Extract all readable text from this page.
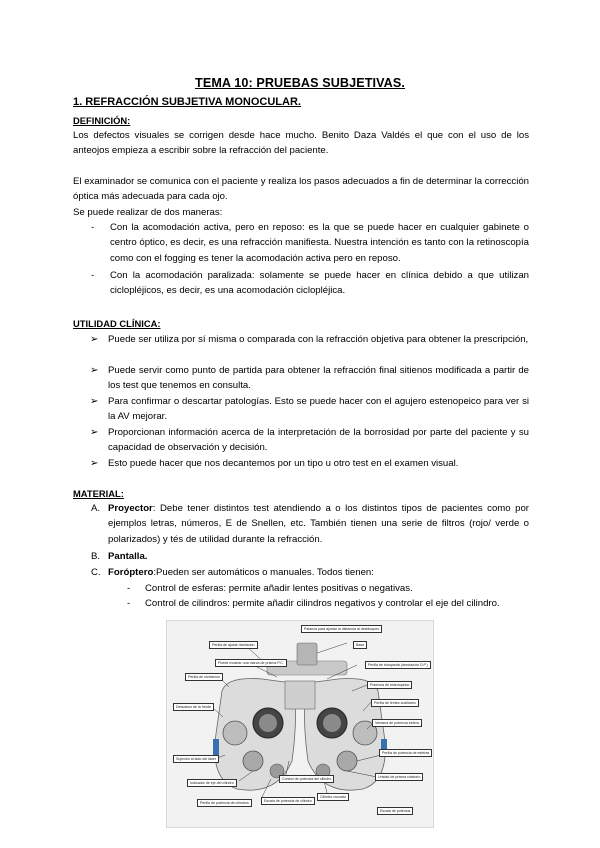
TEMA 10: PRUEBAS SUBJETIVAS.
1. REFRACCIÓN SUBJETIVA MONOCULAR.
DEFINICIÓN:
Los defectos visuales se corrigen desde hace mucho. Benito Daza Valdés el que con el uso de los anteojos empieza a escribir sobre la refracción del paciente.
El examinador se comunica con el paciente y realiza los pasos adecuados a fin de determinar la corrección óptica más adecuada para cada ojo.
Se puede realizar de dos maneras:
- Con la acomodación activa, pero en reposo: es la que se puede hacer en cualquier gabinete o centro óptico, es decir, es una refracción manifiesta. Nuestra intención es tanto con la retinoscopía como con el fogging es tener la acomodación activa pero en reposo.
- Con la acomodación paralizada: solamente se puede hacer en clínica debido a que utilizan ciclopléjicos, es decir, es una acomodación ciclopléjica.
UTILIDAD CLÍNICA:
➢ Puede ser utiliza por sí misma o comparada con la refracción objetiva para obtener la prescripción,
➢ Puede servir como punto de partida para obtener la refracción final sitienos modificada a partir de los test que tenemos en consulta.
➢ Para confirmar o descartar patologías. Esto se puede hacer con el agujero estenopeico para ver si la AV mejorar.
➢ Proporcionan información acerca de la interpretación de la borrosidad por parte del paciente y su capacidad de observación y decisión.
➢ Esto puede hacer que nos decantemos por un tipo u otro test en el examen visual.
MATERIAL:
A. Proyector: Debe tener distintos test atendiendo a o los distintos tipos de pacientes como por ejemplos letras, números, E de Snellen, etc. También tienen una serie de filtros (rojo/ verde o polarizados) y tés de utilidad durante la refracción.
B. Pantalla.
C. Foróptero:Pueden ser automáticos o manuales. Todos tienen:
- Control de esferas: permite añadir lentes positivas o negativas.
- Control de cilindros: permite añadir cilindros negativos y controlar el eje del cilindro.
Palanca para ajustar la distancia al desbloqueo
Perilla de ajuste nivelación
Puede mostrar una marca de prisma P.C.
Perilla de nivelación
Descanso de la frente
Sujeción al lado del láser
Indicador de eje del cilindro
Perilla de potencia de cilindros	Escala de potencia de cilindro
Control de potencia del cilindro
Base
Perilla de búsqueda (desviación D.P.)
Potencia de estenopeico
Perilla de lentes auxiliares
Ventana de potencia esfera
Perilla de potencia de esferas
Unidad de prisma rotatorio
Cilindro cruzado
Escala de potencia
